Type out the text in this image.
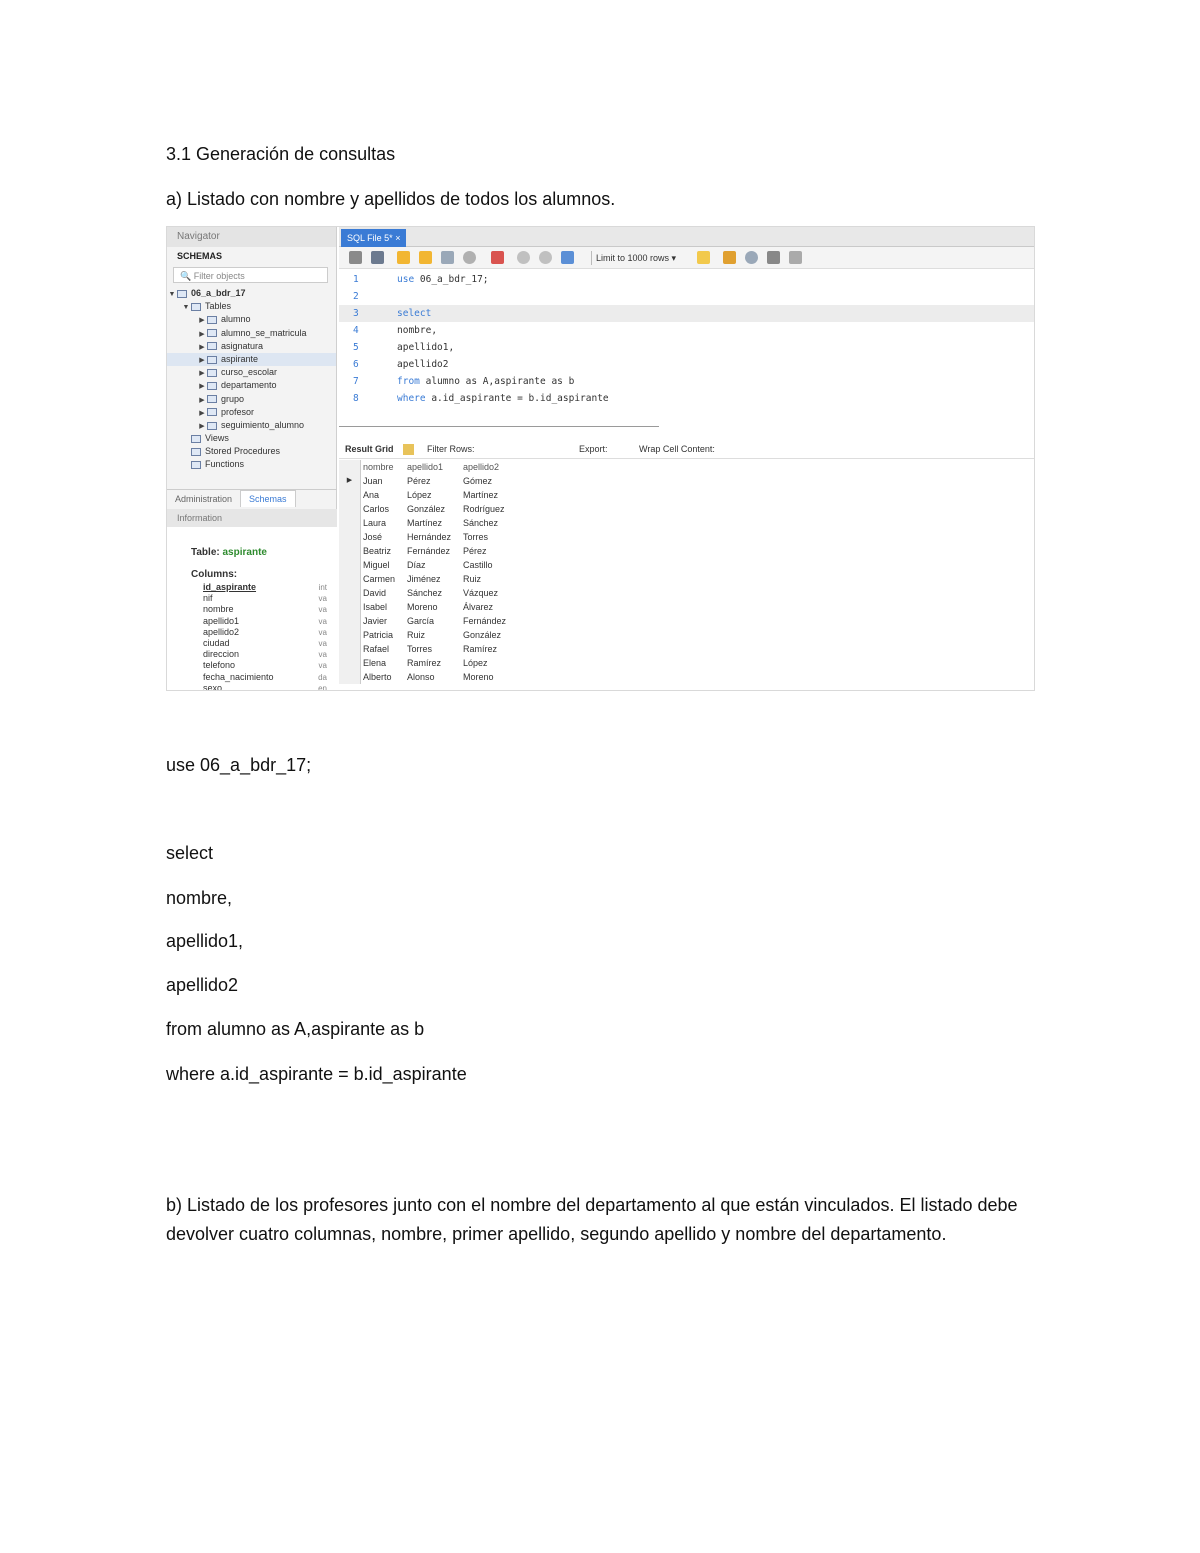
3.1 Generación de consultas
a) Listado con nombre y apellidos de todos los alumnos.
Navigator
SCHEMAS
🔍 Filter objects
▼ 06_a_bdr_17
▼ Tables
▶ alumno
▶ alumno_se_matricula
▶ asignatura
▶ aspirante
▶ curso_escolar
▶ departamento
▶ grupo
▶ profesor
▶ seguimiento_alumno
Views
Stored Procedures
Functions
Administration Schemas
Information
Table: aspirante
Columns:
id_aspirante	int
nif	va
nombre	va
apellido1	va
apellido2	va
ciudad	va
direccion	va
telefono	va
fecha_nacimiento	da
sexo	en
SQL File 5* ×
Limit to 1000 rows ▾
1	use 06_a_bdr_17;
2
3	select
4	nombre,
5	apellido1,
6	apellido2
7	from alumno as A,aspirante as b
8	where a.id_aspirante = b.id_aspirante
Result Grid	Filter Rows:	Export:	Wrap Cell Content:
nombre	apellido1	apellido2
▶	Juan	Pérez	Gómez
Ana	López	Martínez
Carlos	González	Rodríguez
Laura	Martínez	Sánchez
José	Hernández	Torres
Beatriz	Fernández	Pérez
Miguel	Díaz	Castillo
Carmen	Jiménez	Ruiz
David	Sánchez	Vázquez
Isabel	Moreno	Álvarez
Javier	García	Fernández
Patricia	Ruiz	González
Rafael	Torres	Ramírez
Elena	Ramírez	López
Alberto	Alonso	Moreno
use 06_a_bdr_17;
select
nombre,
apellido1,
apellido2
from alumno as A,aspirante as b
where a.id_aspirante = b.id_aspirante
b) Listado de los profesores junto con el nombre del departamento al que están vinculados. El listado debe devolver cuatro columnas, nombre, primer apellido, segundo apellido y nombre del departamento.
